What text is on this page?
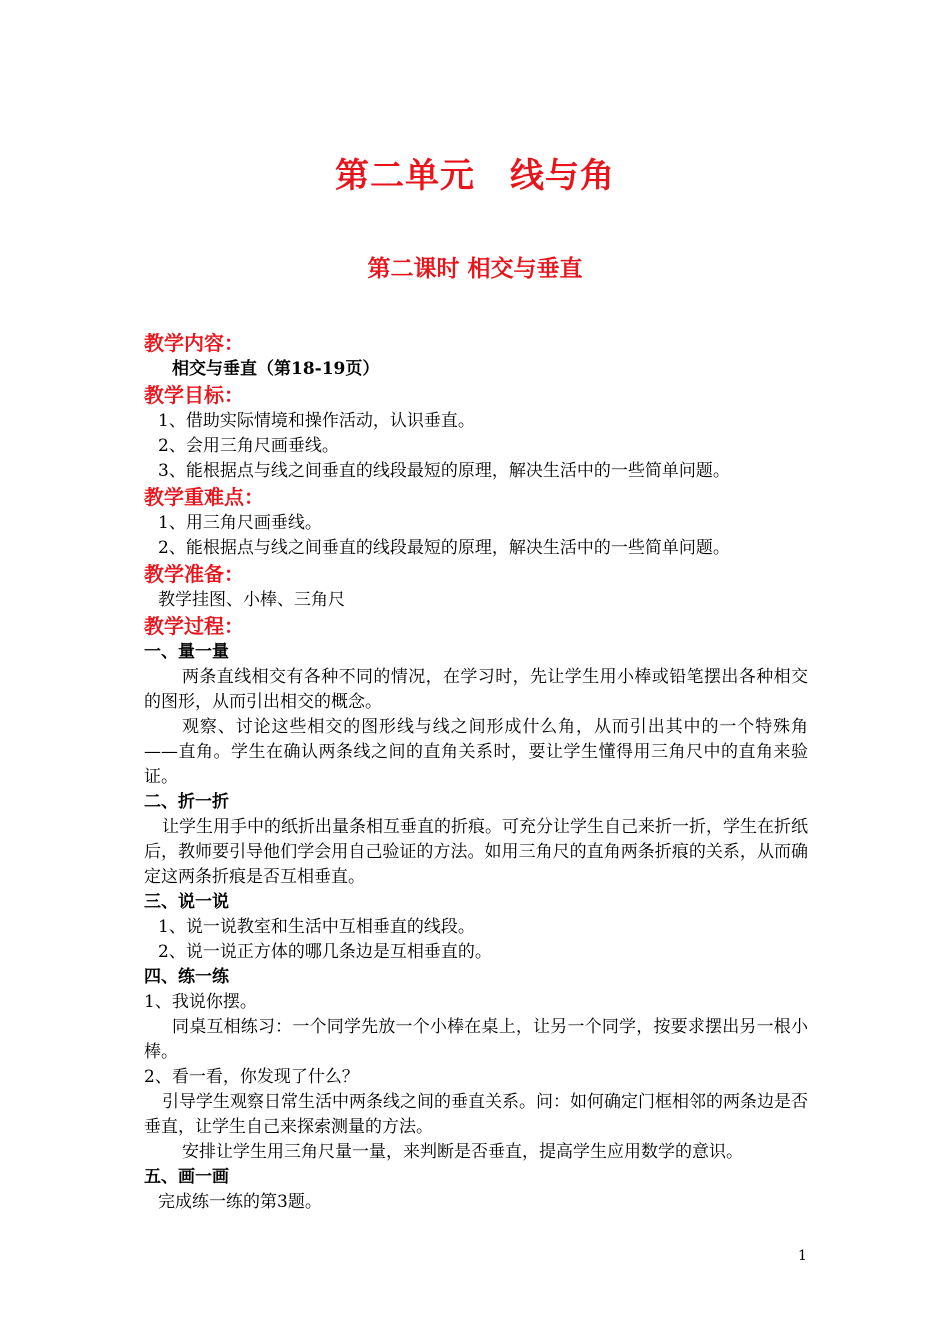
第二单元　线与角
第二课时 相交与垂直
教学内容：
相交与垂直（第18-19页）
教学目标：
1、借助实际情境和操作活动，认识垂直。
2、会用三角尺画垂线。
3、能根据点与线之间垂直的线段最短的原理，解决生活中的一些简单问题。
教学重难点：
1、用三角尺画垂线。
2、能根据点与线之间垂直的线段最短的原理，解决生活中的一些简单问题。
教学准备：
教学挂图、小棒、三角尺
教学过程：
一、量一量
两条直线相交有各种不同的情况，在学习时，先让学生用小棒或铅笔摆出各种相交的图形，从而引出相交的概念。
观察、讨论这些相交的图形线与线之间形成什么角，从而引出其中的一个特殊角——直角。学生在确认两条线之间的直角关系时，要让学生懂得用三角尺中的直角来验证。
二、折一折
让学生用手中的纸折出量条相互垂直的折痕。可充分让学生自己来折一折，学生在折纸后，教师要引导他们学会用自己验证的方法。如用三角尺的直角两条折痕的关系，从而确定这两条折痕是否互相垂直。
三、说一说
1、说一说教室和生活中互相垂直的线段。
2、说一说正方体的哪几条边是互相垂直的。
四、练一练
1、我说你摆。
同桌互相练习：一个同学先放一个小棒在桌上，让另一个同学，按要求摆出另一根小棒。
2、看一看，你发现了什么？
引导学生观察日常生活中两条线之间的垂直关系。问：如何确定门框相邻的两条边是否垂直，让学生自己来探索测量的方法。
安排让学生用三角尺量一量，来判断是否垂直，提高学生应用数学的意识。
五、画一画
完成练一练的第3题。
1
